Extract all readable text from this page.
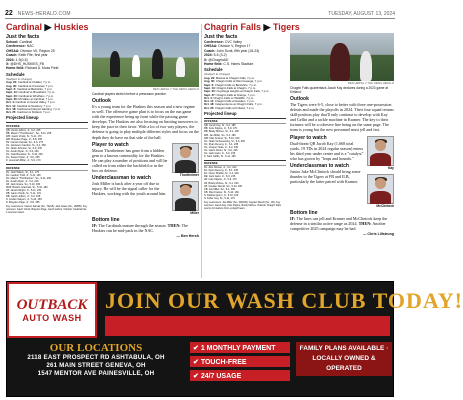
22 NEWS-HERALD.COM	TUESDAY, AUGUST 13, 2024
Cardinal ▶ Huskies
Just the facts
School: Cardinal
Conference: NAC
OHSAA: Division VII, Region 25
Coach: Keith Fife, first year
2024: 1-9(0-5)
X: @DHS_HUSKIES_FB
Home field: Richard A. Moss Field
Schedule
(Subject to change)
Aug. 23: Cardinal at Chalker, 7 p.m.
Aug. 30: Cardinal at Crestview, 7 p.m.
Sept. 6: Cardinal at Berkshire, 7 p.m.
Sept. 13: Cardinal vs Brookfield, 7 p.m.
Sept. 20: Cardinal at Windham, 7 p.m.
Sept. 26: Mi-Valley at Cardinal, 7 p.m.
Oct. 4: Cardinal vs Grand Valley, 7 p.m.
Oct. 11: Cardinal at Newbury, 7 p.m.
Oct. 18: Cardinal at Fairport Harding, 7 p.m.
Oct. 25: Cardinal vs Kirtland, 7 p.m.
Projected lineup
OFFENSE
QB: Jacob Jeffers, Jr., 6-0, 165
RB: Mason "Thortheimer", So., 5-11, 205
WR: Gavin Vincik, Sr., 5-11, 170
WR: Brayden Page, Jr., 5-8, 155
TE: Carson Karnak, So., 6-0, 175
OL: Jamieson Cantlon, Sr., 6-1, 250
OL: Noah Johnson, Sr., 6-0, 230
OL: Austin Ryan, Jr., 6-0, 240
OL: Cale Brewster, Sr., 5-10, 200
OL: Kasen Kipfer, Jr., 6-0, 235
K: Jeremiah Miller, Jr., 5-9, 170
DEFENSE
DL: Josh Wilson, Sr., 6-1, 175
DL: Landon Trolli, Jr., 5-11, 190
DL: Mason "Thortheimer", So., 5-11, 205
DL: Austin Ryan, Jr., 6-0, 240
LB: Jack Grace, So., 5-10, 180
MLB: Braxtin Gravindo, Sr., 5-10, 180
LB: Jarrett Wright, Jr., 5-11, 230
DB: Gavin Vincik, Sr., 5-11, 170
DB: Jacob Jeffers, Jr., 6-0, 165
S: Jordan Salyers, Jr., 5-10, 165
S: Brayden Page, Jr., 5-8, 155
Key newcomers: Carson Karnak (So., TE/LB); Jack Grace (So., LB/RB). Key returners: Gavin Vincik, Brayden Page, Jacob Jeffers. Outlook: Cardinal has 3 returners listed.
BEN HERSH // THE NEWS-HERALD
Cardinal players stretch before a preseason practice.
Outlook
It's a young team for the Huskies this season and a new regime as well. The offensive game plan is to focus on the run game with the experience being up front while the passing game develops. The Huskies are also focusing on limiting turnovers to keep the pace in their favor. With a lot of two-way players, the defense is going to play multiple different styles and focus on the depth they do have on that side of the ball.
Player to watch
Mason Thortheimer has gone from a hidden gem to a known commodity for the Huskies. He can play a number of positions and will be called on from either the backfield or in the box on defense.
Underclassman to watch
Josh Miller is back after a year off due to injury. He will be the signal caller for the Huskies, working with the youth around him.
Thortheimer
Miller
Bottom line
IF: The Cardinals mature through the season. THEN: The Huskies can be mid-pack in the NAC.
— Ben Hersh
Chagrin Falls ▶ Tigers
Just the facts
Conference: CVC Valley
OHSAA: Division V, Region 17
Coach: John Scott, fifth year (18-23)
2024: 5-5 (3-2)
X: @ChagrinAD
Home field: C.S. Harris Stadium
Schedule
(Subject to change)
Aug. 23: Mantua at Chagrin Falls, 7 p.m.
Aug. 30: Chagrin Falls at West Geauga, 7 p.m.
Sept. 6: Chagrin Falls vs Berkshire, 7 p.m.
Sept. 13: Chagrin Falls at Chagrin, 7 p.m.
Sept. 20: Cuyahoga Heights at Chagrin Falls, 7 p.m.
Sept. 27: Chagrin Falls at Orange, 7 p.m.
Oct. 4: Chagrin Falls vs Wickliffe, 7 p.m.
Oct. 11: Chagrin Falls at Hawken, 7 p.m.
Oct. 18: Independence at Chagrin Falls, 7 p.m.
Oct. 25: Chagrin Falls at Kirtland, 7 p.m.
Projected lineup
OFFENSE
QB: Jacob Kay, Sr., 6-2, 185
RB: Cole Kilgore, Jr., 5-9, 170
RB: Brady McKee, Sr., 6-1, 190
WR: Jax Miller, So., 6-1, 180
WR: Max Kramer, Sr., 5-10, 160
OL: Noah Vichnevetsky, Sr., 6-3, 250
OL: Ryan Deveny, Jr., 6-1, 235
OL: Cooper Hoke, Jr., 6-2, 230
OL: Gavin Donio, Sr., 6-0, 225
OL: Jack Gazo, Jr., 6-0, 215
K: Sam Griffis, Sr., 5-11, 165
DEFENSE
DL: Alex Rocker, Jr., 6-2, 220
DL: Ryan Deveny, Jr., 6-1, 235
DL: Owen Shaffer, Sr., 6-1, 200
DE: Jack Gazo, Jr., 6-0, 215
LB: Cole Kilgore, Jr., 5-9, 170
LB: Brady McKee, Sr., 6-1, 190
LB: Cayden Wendt, So., 5-10, 180
CB: Jax Miller, So., 6-1, 180
CB: Max Kramer, Sr., 5-10, 160
S: Robbie Quinn, Jr., 5-10, 160
S: Asher Ivey, Sr., 5-11, 170
Key newcomers: Jax Miller (So., WR/CB); Cayden Wendt (So., LB). Key returners: Jacob Kay, Cole Kilgore, Brady McKee. Outlook: Chagrin Falls returns 10 starters from a playoff team.
BEN HERSH // THE NEWS-HERALD
Chagrin Falls quarterback Jacob Kay declares during a 2023 game at Kirtland.
Outlook
The Tigers were 6-5, close to better with three one-possession defeats and made the playoffs in 2024. Their four squad returns skill-position play that'll only continue to develop with Kay and Gellin and a tackle machine in Kramer. The key to their fortunes will be a cohesive line being on the same page. The team is young but the new personnel must jell and fast.
Player to watch
Dual-threat QB Jacob Kay (1,668 total yards, 19 TDs in 2024 regular season) enters his third year under center and is a "catalyst" who has grown by "leaps and bounds."
Underclassman to watch
Junior Jake McClintock should bring some thunder to the Tigers at FB and ILB, particularly the latter paired with Kramer.
Kay
McClintock
Bottom line
IF: The lines can jell and Kramer and McClintock keep the defense in a similar active range as 2024. THEN: Another competitive 2025 campaign may be had.
— Chris Lillstrung
OUTBACK
AUTO WASH
JOIN OUR WASH CLUB TODAY!
OUR LOCATIONS
2118 EAST PROSPECT RD ASHTABULA, OH
261 MAIN STREET GENEVA, OH
1547 MENTOR AVE PAINESVILLE, OH
✔ 1 MONTHLY PAYMENT
✔ TOUCH-FREE
✔ 24/7 USAGE
FAMILY PLANS AVAILABLE · LOCALLY OWNED & OPERATED
